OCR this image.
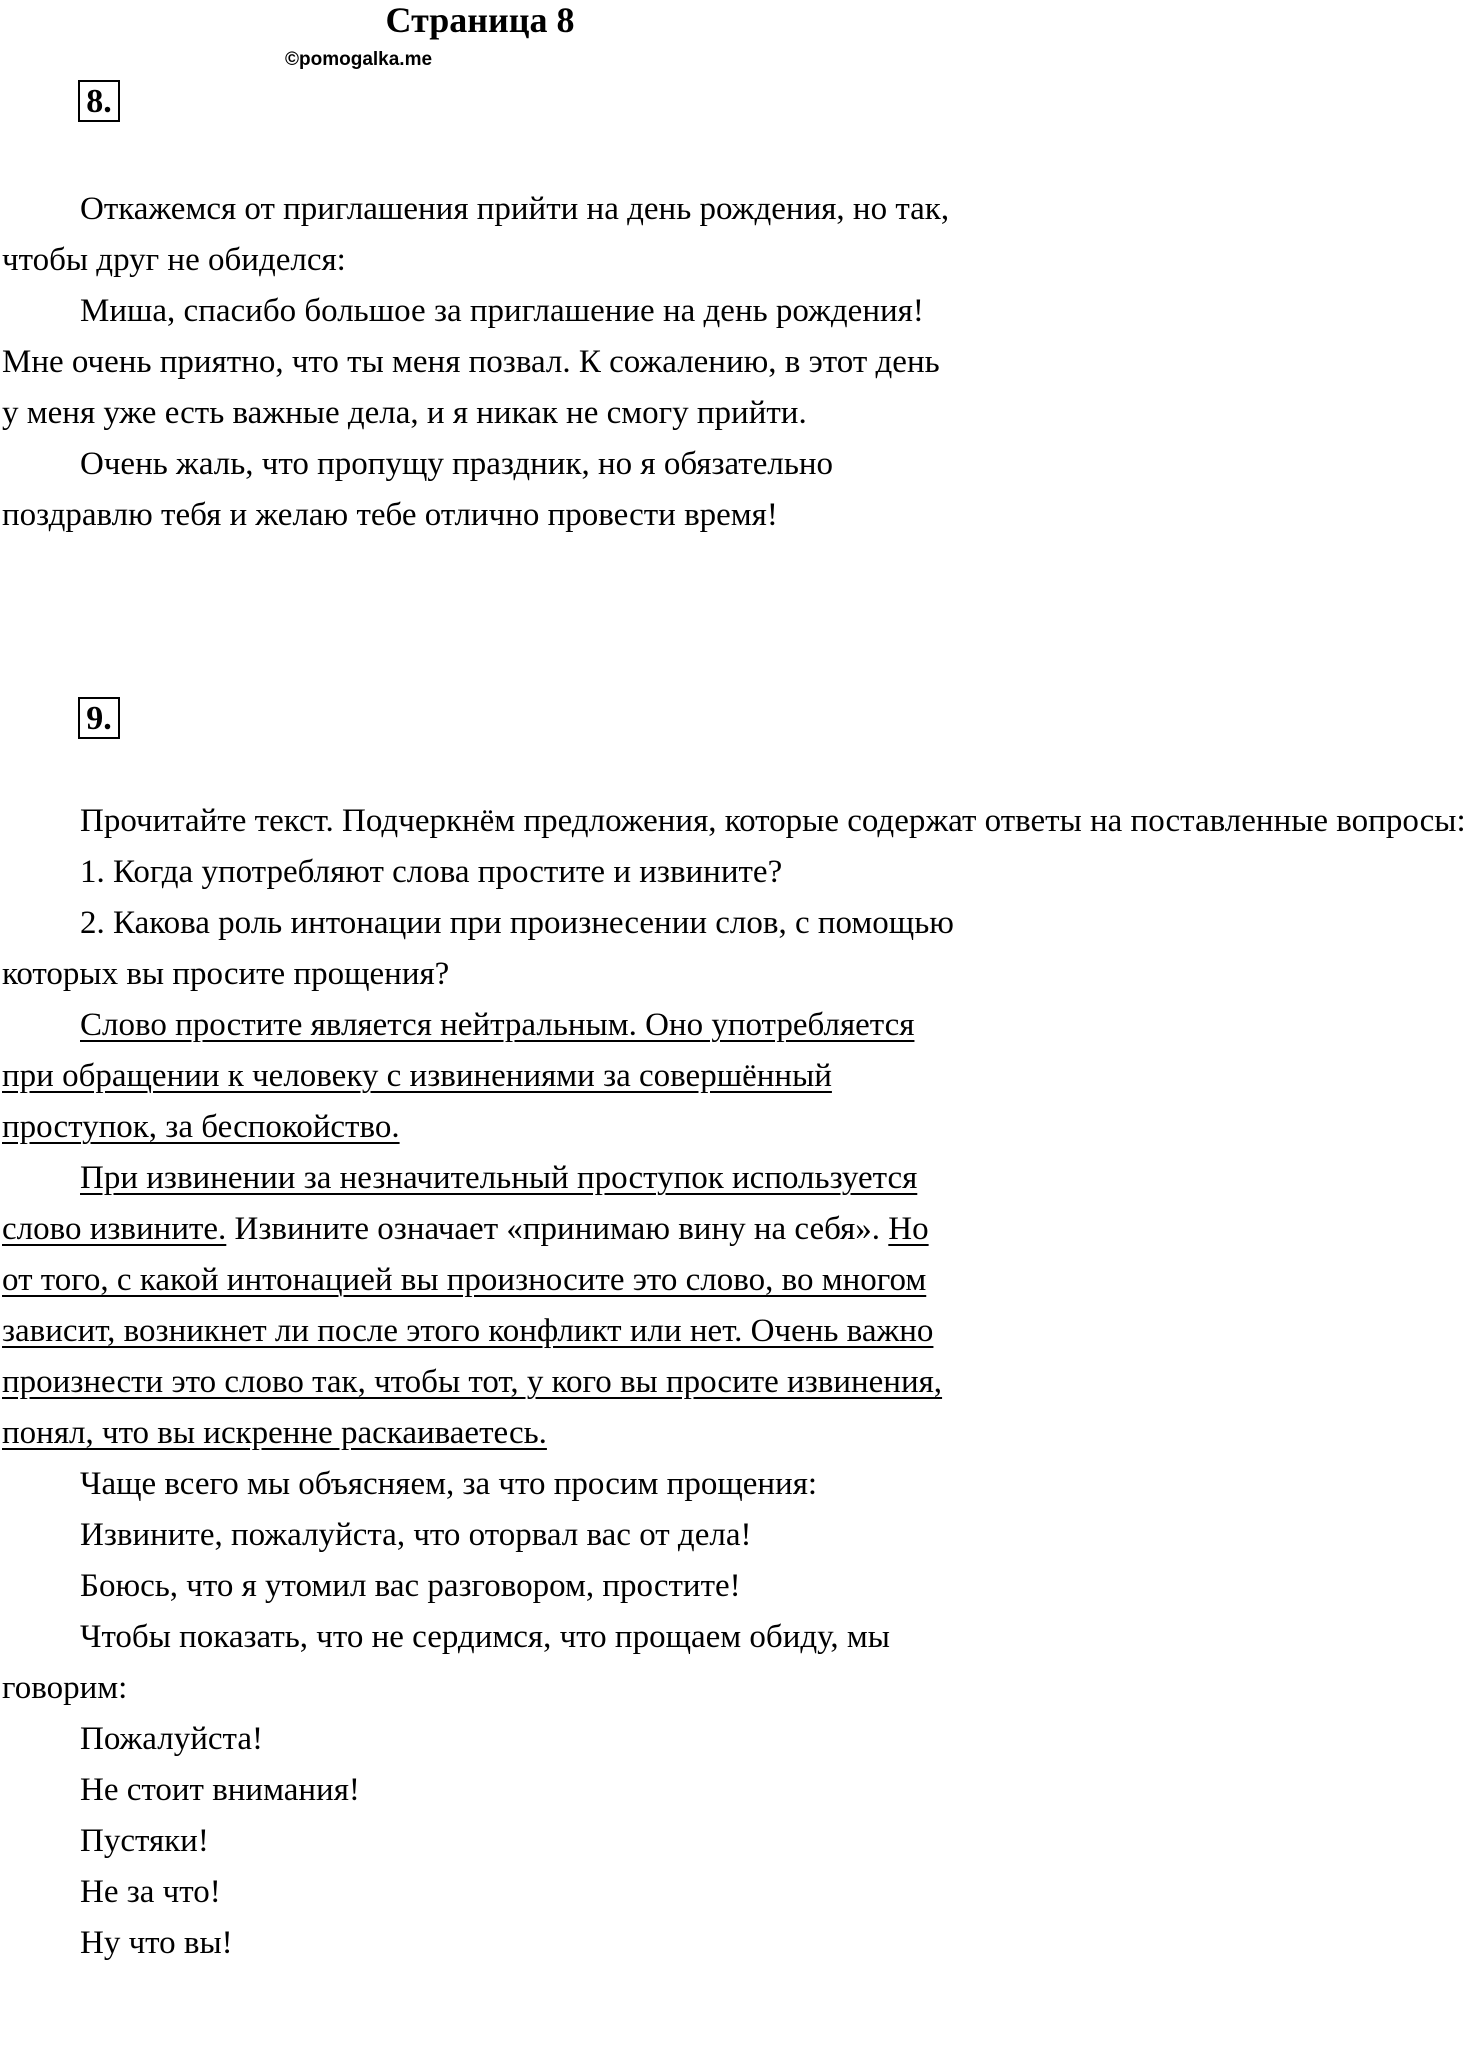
Страница 8
©pomogalka.me
8.

Откажемся от приглашения прийти на день рождения, но так, чтобы друг не обиделся:

Миша, спасибо большое за приглашение на день рождения! Мне очень приятно, что ты меня позвал. К сожалению, в этот день у меня уже есть важные дела, и я никак не смогу прийти.

Очень жаль, что пропущу праздник, но я обязательно поздравлю тебя и желаю тебе отлично провести время!

9.

Прочитайте текст. Подчеркнём предложения, которые содержат ответы на поставленные вопросы:

1. Когда употребляют слова простите и извините?

2. Какова роль интонации при произнесении слов, с помощью которых вы просите прощения?

Слово простите является нейтральным. Оно употребляется при обращении к человеку с извинениями за совершённый проступок, за беспокойство.

При извинении за незначительный проступок используется слово извините. Извините означает «принимаю вину на себя». Но от того, с какой интонацией вы произносите это слово, во многом зависит, возникнет ли после этого конфликт или нет. Очень важно произнести это слово так, чтобы тот, у кого вы просите извинения, понял, что вы искренне раскаиваетесь.

Чаще всего мы объясняем, за что просим прощения:

Извините, пожалуйста, что оторвал вас от дела!

Боюсь, что я утомил вас разговором, простите!

Чтобы показать, что не сердимся, что прощаем обиду, мы говорим:

Пожалуйста!

Не стоит внимания!

Пустяки!

Не за что!

Ну что вы!
